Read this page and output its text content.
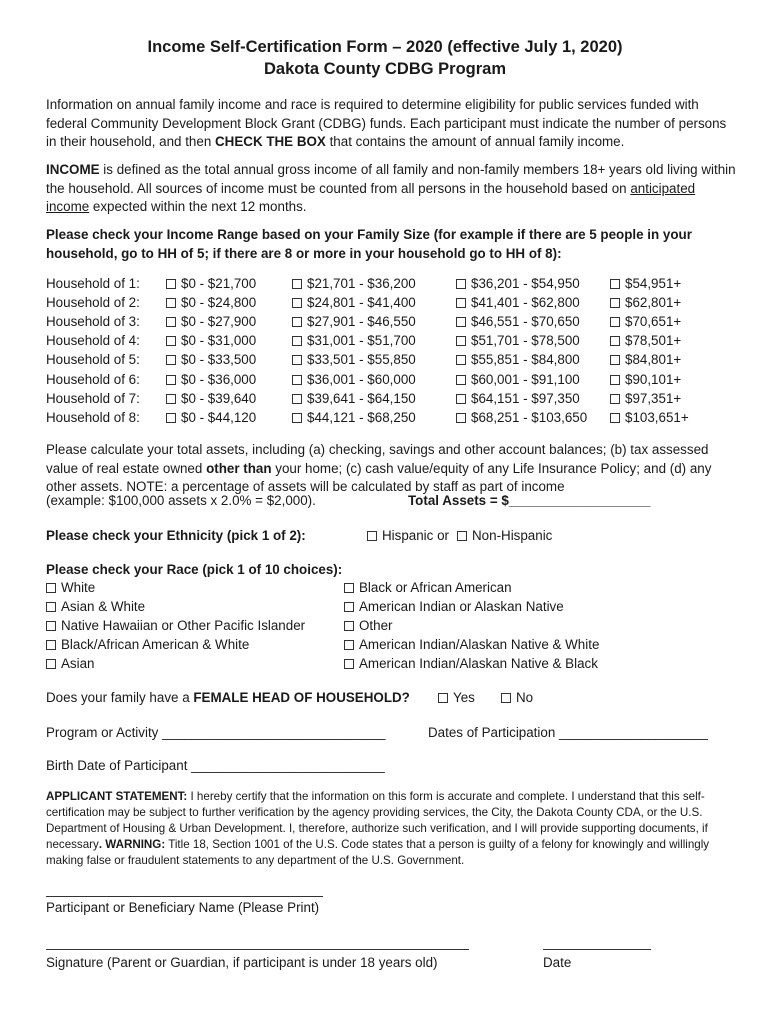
Income Self-Certification Form – 2020 (effective July 1, 2020)
Dakota County CDBG Program
Information on annual family income and race is required to determine eligibility for public services funded with federal Community Development Block Grant (CDBG) funds. Each participant must indicate the number of persons in their household, and then CHECK THE BOX that contains the amount of annual family income.
INCOME is defined as the total annual gross income of all family and non-family members 18+ years old living within the household. All sources of income must be counted from all persons in the household based on anticipated income expected within the next 12 months.
Please check your Income Range based on your Family Size (for example if there are 5 people in your household, go to HH of 5; if there are 8 or more in your household go to HH of 8):
Household of 1:	$0 - $21,700	$21,701 - $36,200	$36,201 - $54,950	$54,951+
Household of 2:	$0 - $24,800	$24,801 - $41,400	$41,401 - $62,800	$62,801+
Household of 3:	$0 - $27,900	$27,901 - $46,550	$46,551 - $70,650	$70,651+
Household of 4:	$0 - $31,000	$31,001 - $51,700	$51,701 - $78,500	$78,501+
Household of 5:	$0 - $33,500	$33,501 - $55,850	$55,851 - $84,800	$84,801+
Household of 6:	$0 - $36,000	$36,001 - $60,000	$60,001 - $91,100	$90,101+
Household of 7:	$0 - $39,640	$39,641 - $64,150	$64,151 - $97,350	$97,351+
Household of 8:	$0 - $44,120	$44,121 - $68,250	$68,251 - $103,650	$103,651+
Please calculate your total assets, including (a) checking, savings and other account balances; (b) tax assessed value of real estate owned other than your home; (c) cash value/equity of any Life Insurance Policy; and (d) any other assets. NOTE: a percentage of assets will be calculated by staff as part of income
(example: $100,000 assets x 2.0% = $2,000).	Total Assets = $___________________
Please check your Ethnicity (pick 1 of 2):	Hispanic or	Non-Hispanic
Please check your Race (pick 1 of 10 choices):
White
Asian & White
Native Hawaiian or Other Pacific Islander
Black/African American & White
Asian
Black or African American
American Indian or Alaskan Native
Other
American Indian/Alaskan Native & White
American Indian/Alaskan Native & Black
Does your family have a FEMALE HEAD OF HOUSEHOLD?	Yes	No
Program or Activity ______________________________	Dates of Participation ____________________
Birth Date of Participant __________________________
APPLICANT STATEMENT: I hereby certify that the information on this form is accurate and complete. I understand that this self-certification may be subject to further verification by the agency providing services, the City, the Dakota County CDA, or the U.S. Department of Housing & Urban Development. I, therefore, authorize such verification, and I will provide supporting documents, if necessary. WARNING: Title 18, Section 1001 of the U.S. Code states that a person is guilty of a felony for knowingly and willingly making false or fraudulent statements to any department of the U.S. Government.
Participant or Beneficiary Name (Please Print)
Signature (Parent or Guardian, if participant is under 18 years old)	Date
